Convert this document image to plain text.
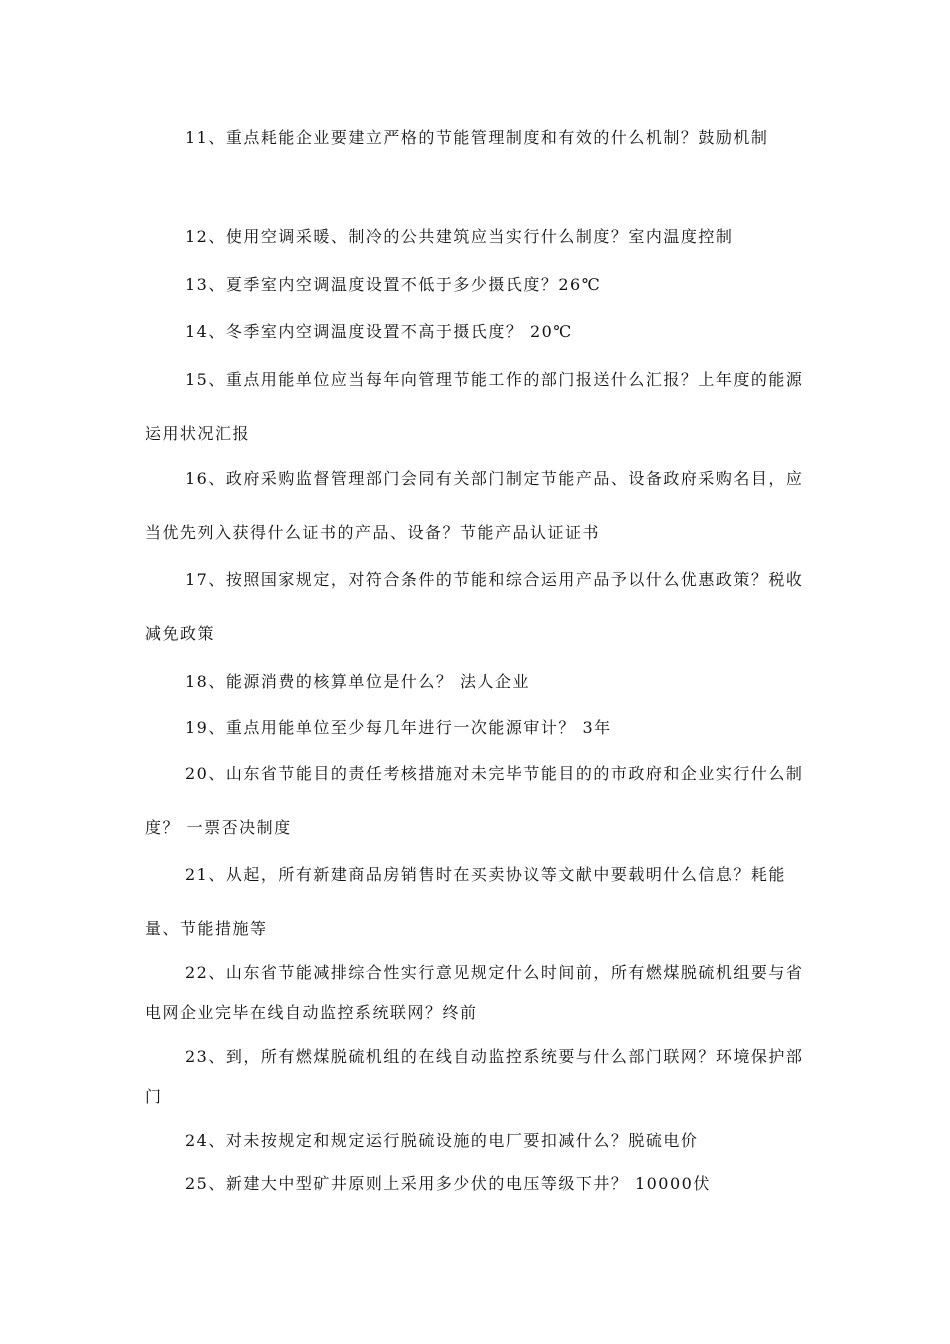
11、重点耗能企业要建立严格的节能管理制度和有效的什么机制？鼓励机制

12、使用空调采暖、制冷的公共建筑应当实行什么制度？室内温度控制

13、夏季室内空调温度设置不低于多少摄氏度？26℃

14、冬季室内空调温度设置不高于摄氏度？ 20℃

15、重点用能单位应当每年向管理节能工作的部门报送什么汇报？上年度的能源运用状况汇报

16、政府采购监督管理部门会同有关部门制定节能产品、设备政府采购名目，应当优先列入获得什么证书的产品、设备？节能产品认证证书

17、按照国家规定，对符合条件的节能和综合运用产品予以什么优惠政策？税收减免政策

18、能源消费的核算单位是什么？ 法人企业

19、重点用能单位至少每几年进行一次能源审计？ 3年

20、山东省节能目的责任考核措施对未完毕节能目的的市政府和企业实行什么制度？ 一票否决制度

21、从起，所有新建商品房销售时在买卖协议等文献中要载明什么信息？耗能量、节能措施等

22、山东省节能减排综合性实行意见规定什么时间前，所有燃煤脱硫机组要与省电网企业完毕在线自动监控系统联网？终前

23、到，所有燃煤脱硫机组的在线自动监控系统要与什么部门联网？环境保护部门

24、对未按规定和规定运行脱硫设施的电厂要扣减什么？脱硫电价

25、新建大中型矿井原则上采用多少伏的电压等级下井？ 10000伏
